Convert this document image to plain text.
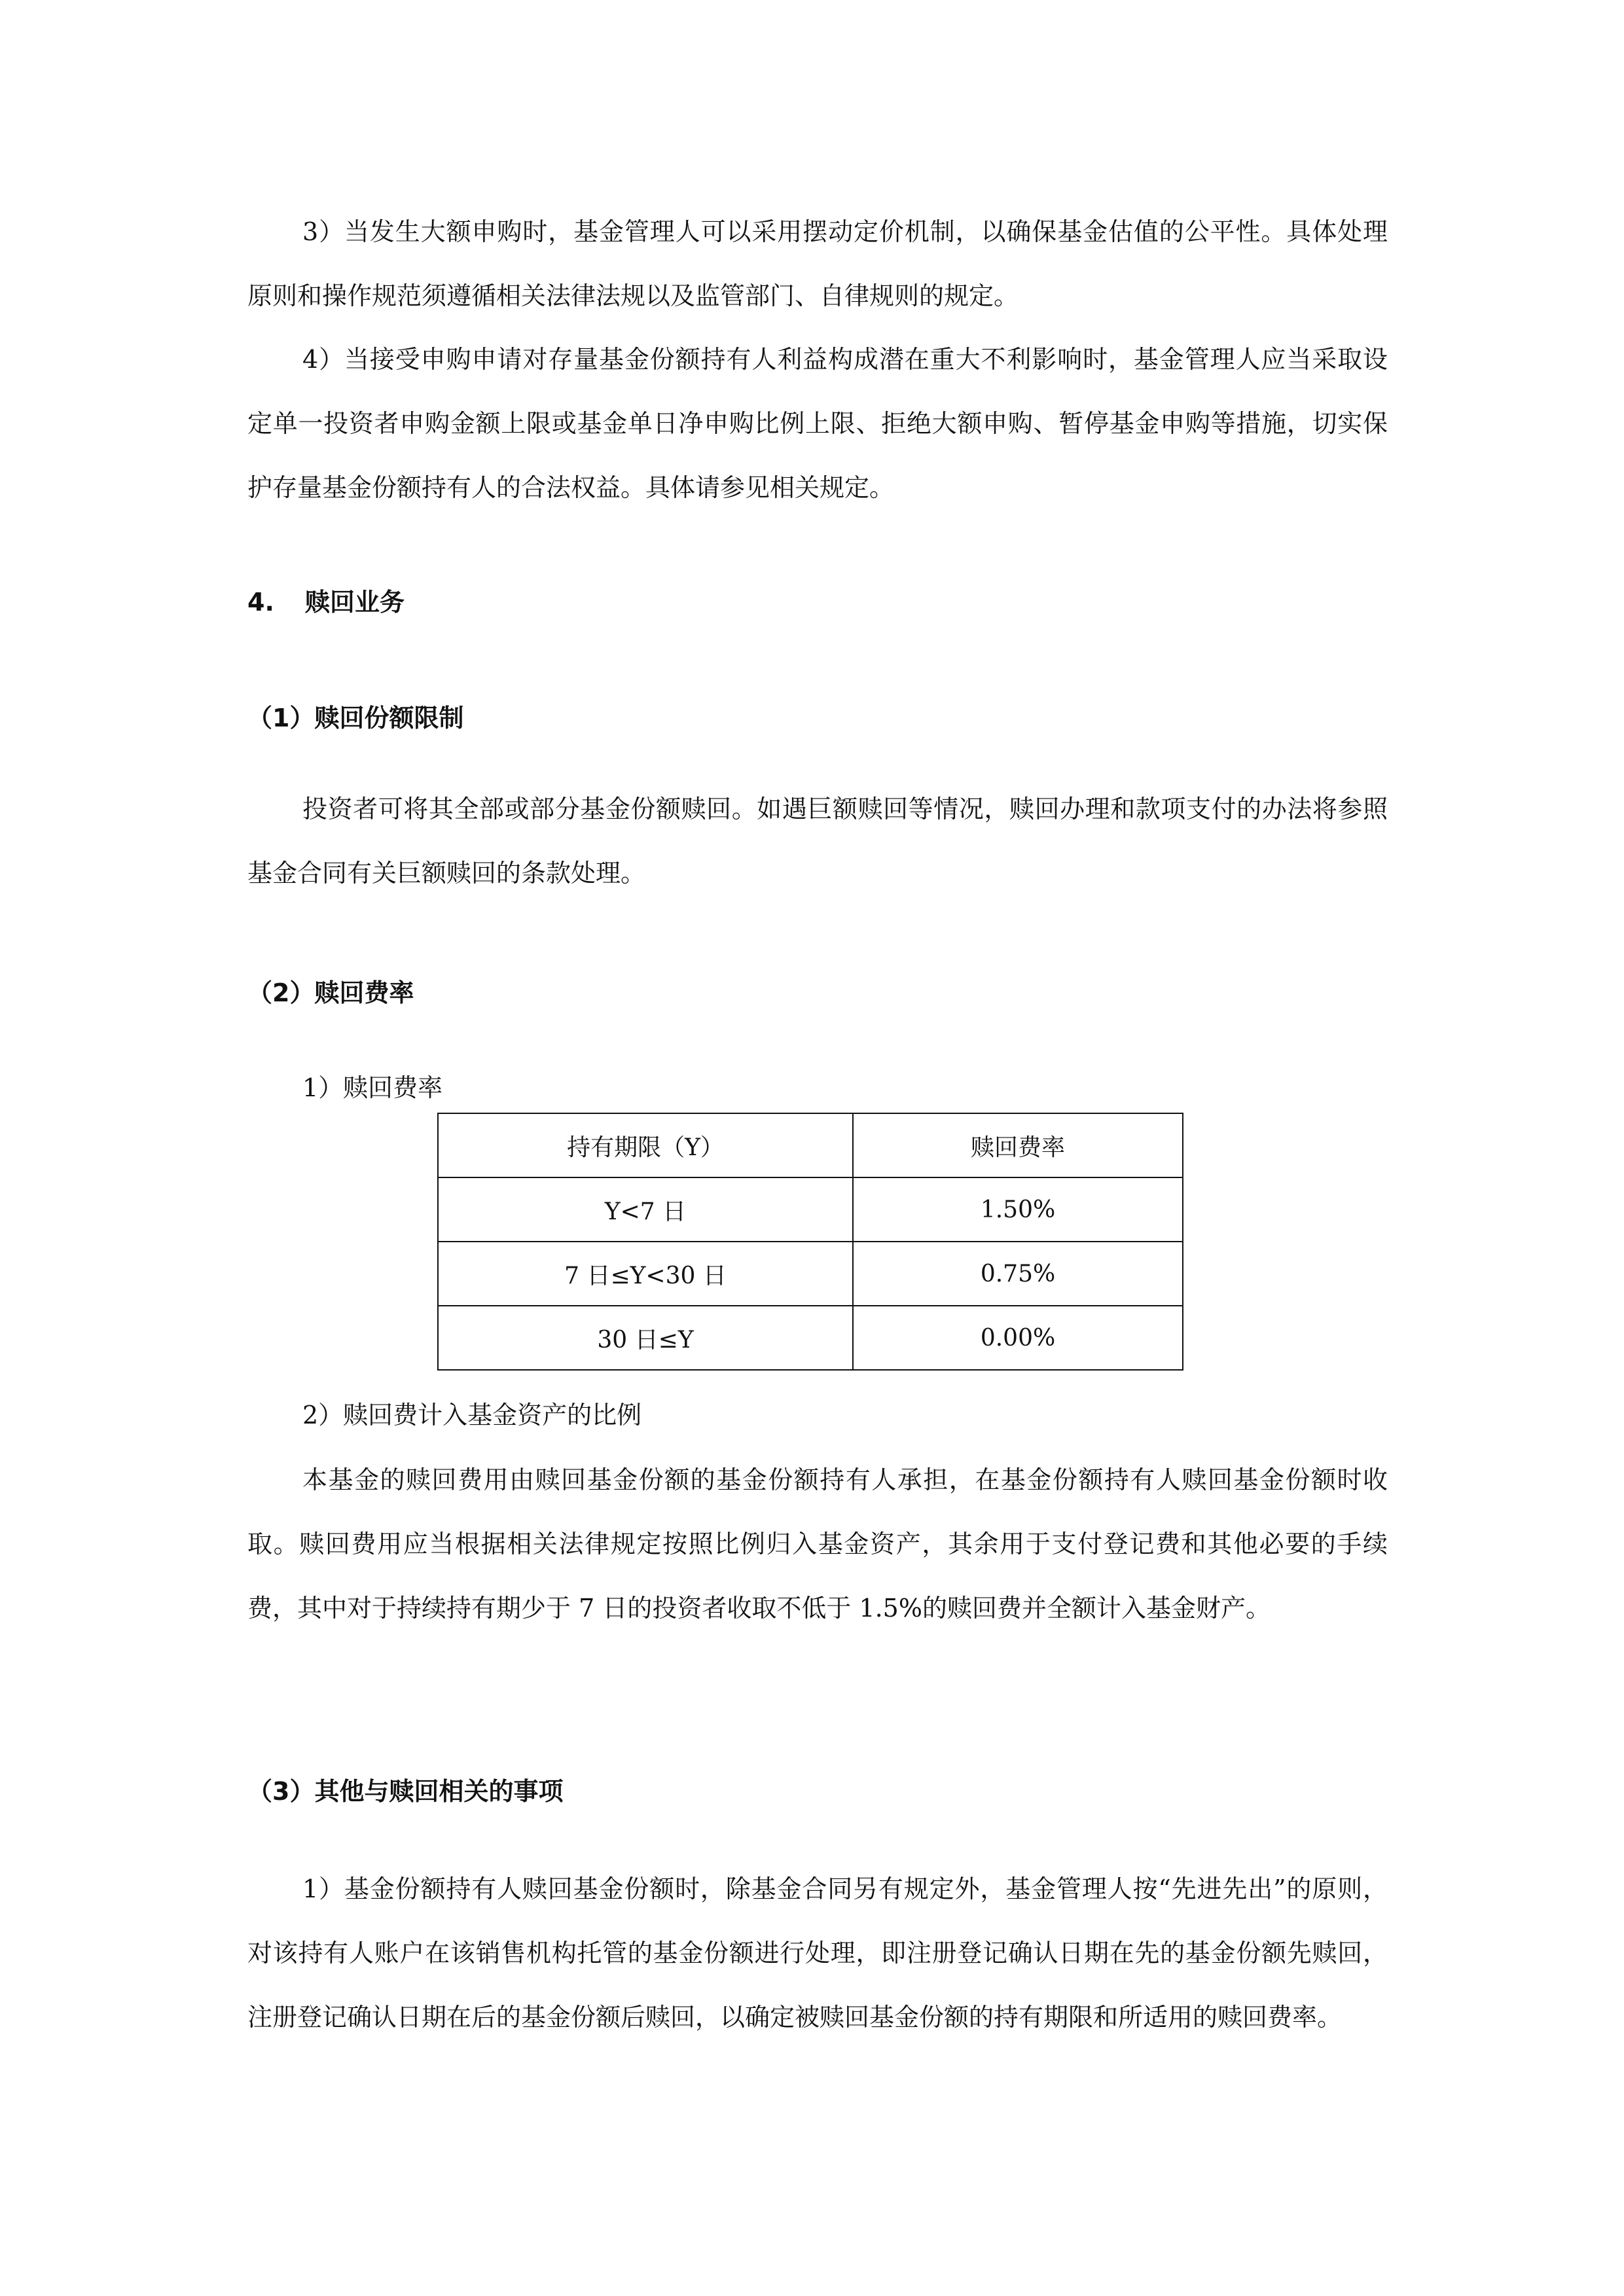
3）当发生大额申购时，基金管理人可以采用摆动定价机制，以确保基金估值的公平性。具体处理原则和操作规范须遵循相关法律法规以及监管部门、自律规则的规定。

4）当接受申购申请对存量基金份额持有人利益构成潜在重大不利影响时，基金管理人应当采取设定单一投资者申购金额上限或基金单日净申购比例上限、拒绝大额申购、暂停基金申购等措施，切实保护存量基金份额持有人的合法权益。具体请参见相关规定。

4. 赎回业务
（1）赎回份额限制

投资者可将其全部或部分基金份额赎回。如遇巨额赎回等情况，赎回办理和款项支付的办法将参照基金合同有关巨额赎回的条款处理。

（2）赎回费率

1）赎回费率

持有期限（Y）	赎回费率
Y<7 日	1.50%
7 日≤Y<30 日	0.75%
30 日≤Y	0.00%

2）赎回费计入基金资产的比例

本基金的赎回费用由赎回基金份额的基金份额持有人承担，在基金份额持有人赎回基金份额时收取。赎回费用应当根据相关法律规定按照比例归入基金资产，其余用于支付登记费和其他必要的手续费，其中对于持续持有期少于 7 日的投资者收取不低于 1.5%的赎回费并全额计入基金财产。

（3）其他与赎回相关的事项

1）基金份额持有人赎回基金份额时，除基金合同另有规定外，基金管理人按“先进先出”的原则，对该持有人账户在该销售机构托管的基金份额进行处理，即注册登记确认日期在先的基金份额先赎回，注册登记确认日期在后的基金份额后赎回，以确定被赎回基金份额的持有期限和所适用的赎回费率。
